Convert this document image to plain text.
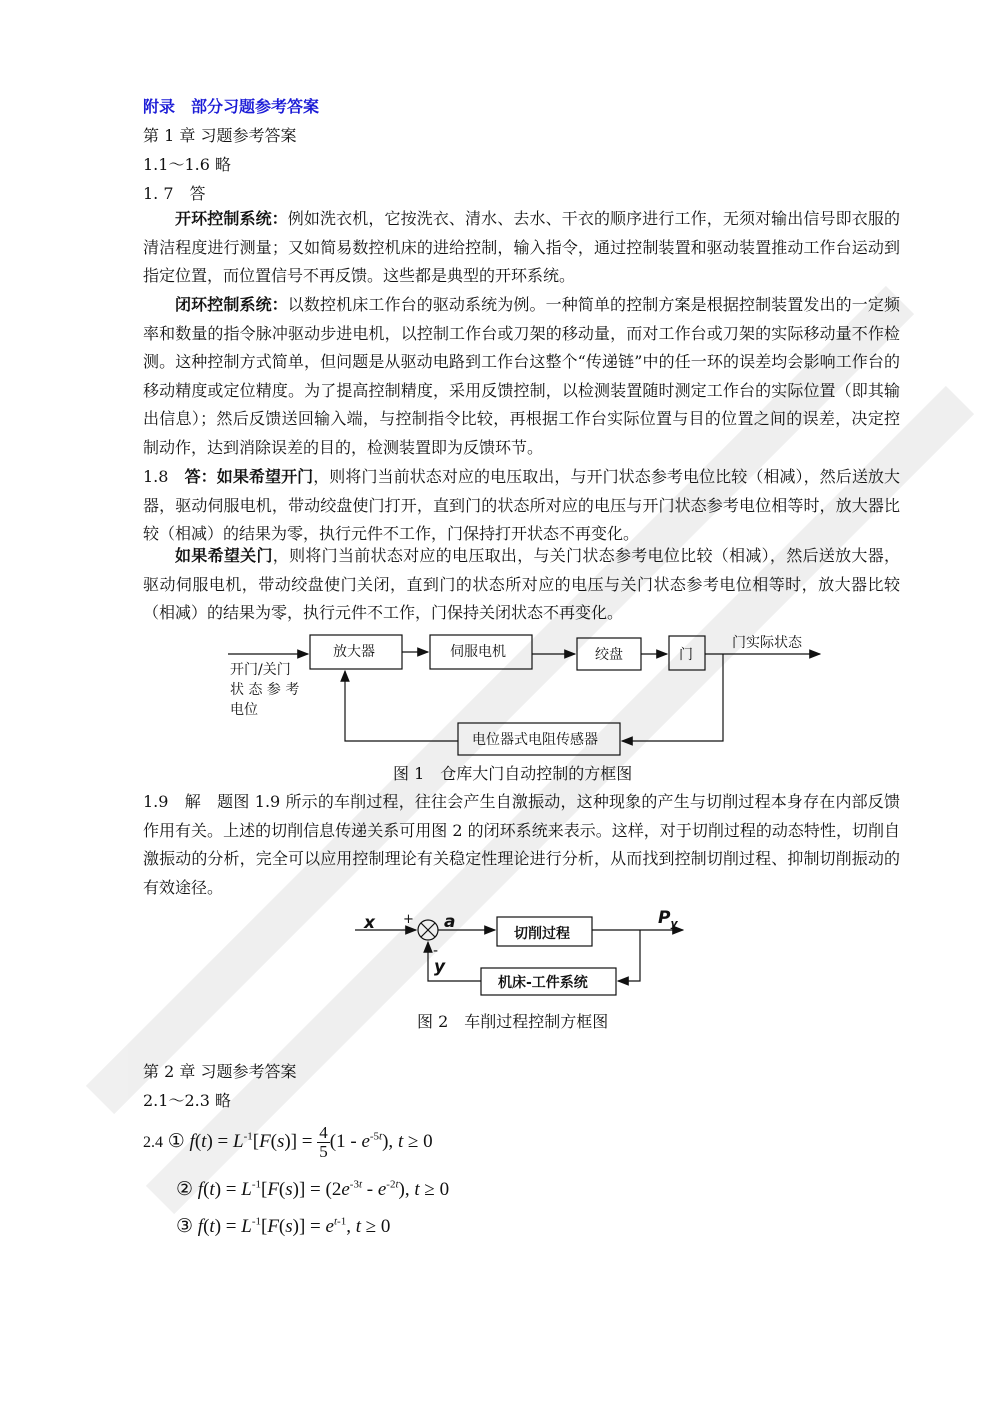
附录　部分习题参考答案
第 1 章 习题参考答案
1.1～1.6 略
1. 7　答
开环控制系统：例如洗衣机，它按洗衣、清水、去水、干衣的顺序进行工作，无须对输出信号即衣服的清洁程度进行测量；又如简易数控机床的进给控制，输入指令，通过控制装置和驱动装置推动工作台运动到指定位置，而位置信号不再反馈。这些都是典型的开环系统。
闭环控制系统：以数控机床工作台的驱动系统为例。一种简单的控制方案是根据控制装置发出的一定频率和数量的指令脉冲驱动步进电机，以控制工作台或刀架的移动量，而对工作台或刀架的实际移动量不作检测。这种控制方式简单，但问题是从驱动电路到工作台这整个“传递链”中的任一环的误差均会影响工作台的移动精度或定位精度。为了提高控制精度，采用反馈控制，以检测装置随时测定工作台的实际位置（即其输出信息）；然后反馈送回输入端，与控制指令比较，再根据工作台实际位置与目的位置之间的误差，决定控制动作，达到消除误差的目的，检测装置即为反馈环节。
1.8　答：如果希望开门，则将门当前状态对应的电压取出，与开门状态参考电位比较（相减），然后送放大器，驱动伺服电机，带动绞盘使门打开，直到门的状态所对应的电压与开门状态参考电位相等时，放大器比较（相减）的结果为零，执行元件不工作，门保持打开状态不再变化。
如果希望关门，则将门当前状态对应的电压取出，与关门状态参考电位比较（相减），然后送放大器，驱动伺服电机，带动绞盘使门关闭，直到门的状态所对应的电压与关门状态参考电位相等时，放大器比较（相减）的结果为零，执行元件不工作，门保持关闭状态不再变化。
放大器	伺服电机	绞盘	门
门实际状态
电位器式电阻传感器
开门/关门
状 态 参 考
电位
图 1　仓库大门自动控制的方框图
1.9　解　题图 1.9 所示的车削过程，往往会产生自激振动，这种现象的产生与切削过程本身存在内部反馈作用有关。上述的切削信息传递关系可用图 2 的闭环系统来表示。这样，对于切削过程的动态特性，切削自激振动的分析，完全可以应用控制理论有关稳定性理论进行分析，从而找到控制切削过程、抑制切削振动的有效途径。
切削过程
机床-工件系统
x +
-
a
y
$P_y$
图 2　车削过程控制方框图
第 2 章 习题参考答案
2.1～2.3 略
2.4 ① $f(t) = L^{-1}[F(s)] = \frac{4}{5} (1 - e^{-5t})$, t ≥ 0
② $f(t) = L^{-1}[F(s)] = (2e^{-3t} - e^{-2t})$, t ≥ 0
③ $f(t) = L^{-1}[F(s)] = e^{t-1}$, t ≥ 0
